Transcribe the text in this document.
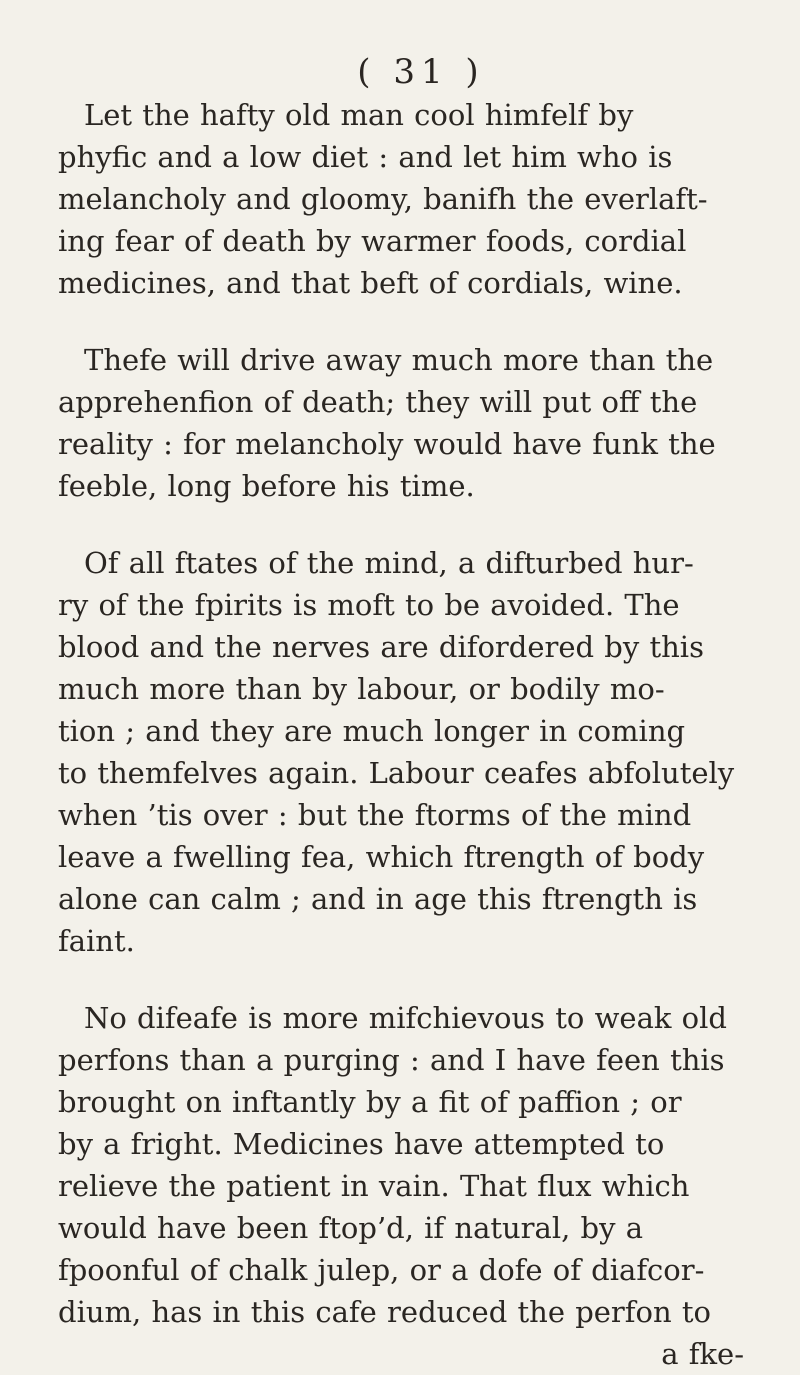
( 31 )

Let the hafty old man cool himfelf by
phyfic and a low diet : and let him who is
melancholy and gloomy, banifh the everlaft-
ing fear of death by warmer foods, cordial
medicines, and that beft of cordials, wine.

Thefe will drive away much more than the
apprehenfion of death; they will put off the
reality : for melancholy would have funk the
feeble, long before his time.

Of all ftates of the mind, a difturbed hur-
ry of the fpirits is moft to be avoided. The
blood and the nerves are difordered by this
much more than by labour, or bodily mo-
tion ; and they are much longer in coming
to themfelves again. Labour ceafes abfolutely
when ’tis over : but the ftorms of the mind
leave a fwelling fea, which ftrength of body
alone can calm ; and in age this ftrength is
faint.

No difeafe is more mifchievous to weak old
perfons than a purging : and I have feen this
brought on inftantly by a fit of paffion ; or
by a fright. Medicines have attempted to
relieve the patient in vain. That flux which
would have been ftop’d, if natural, by a
fpoonful of chalk julep, or a dofe of diafcor-
dium, has in this cafe reduced the perfon to
a fke-
